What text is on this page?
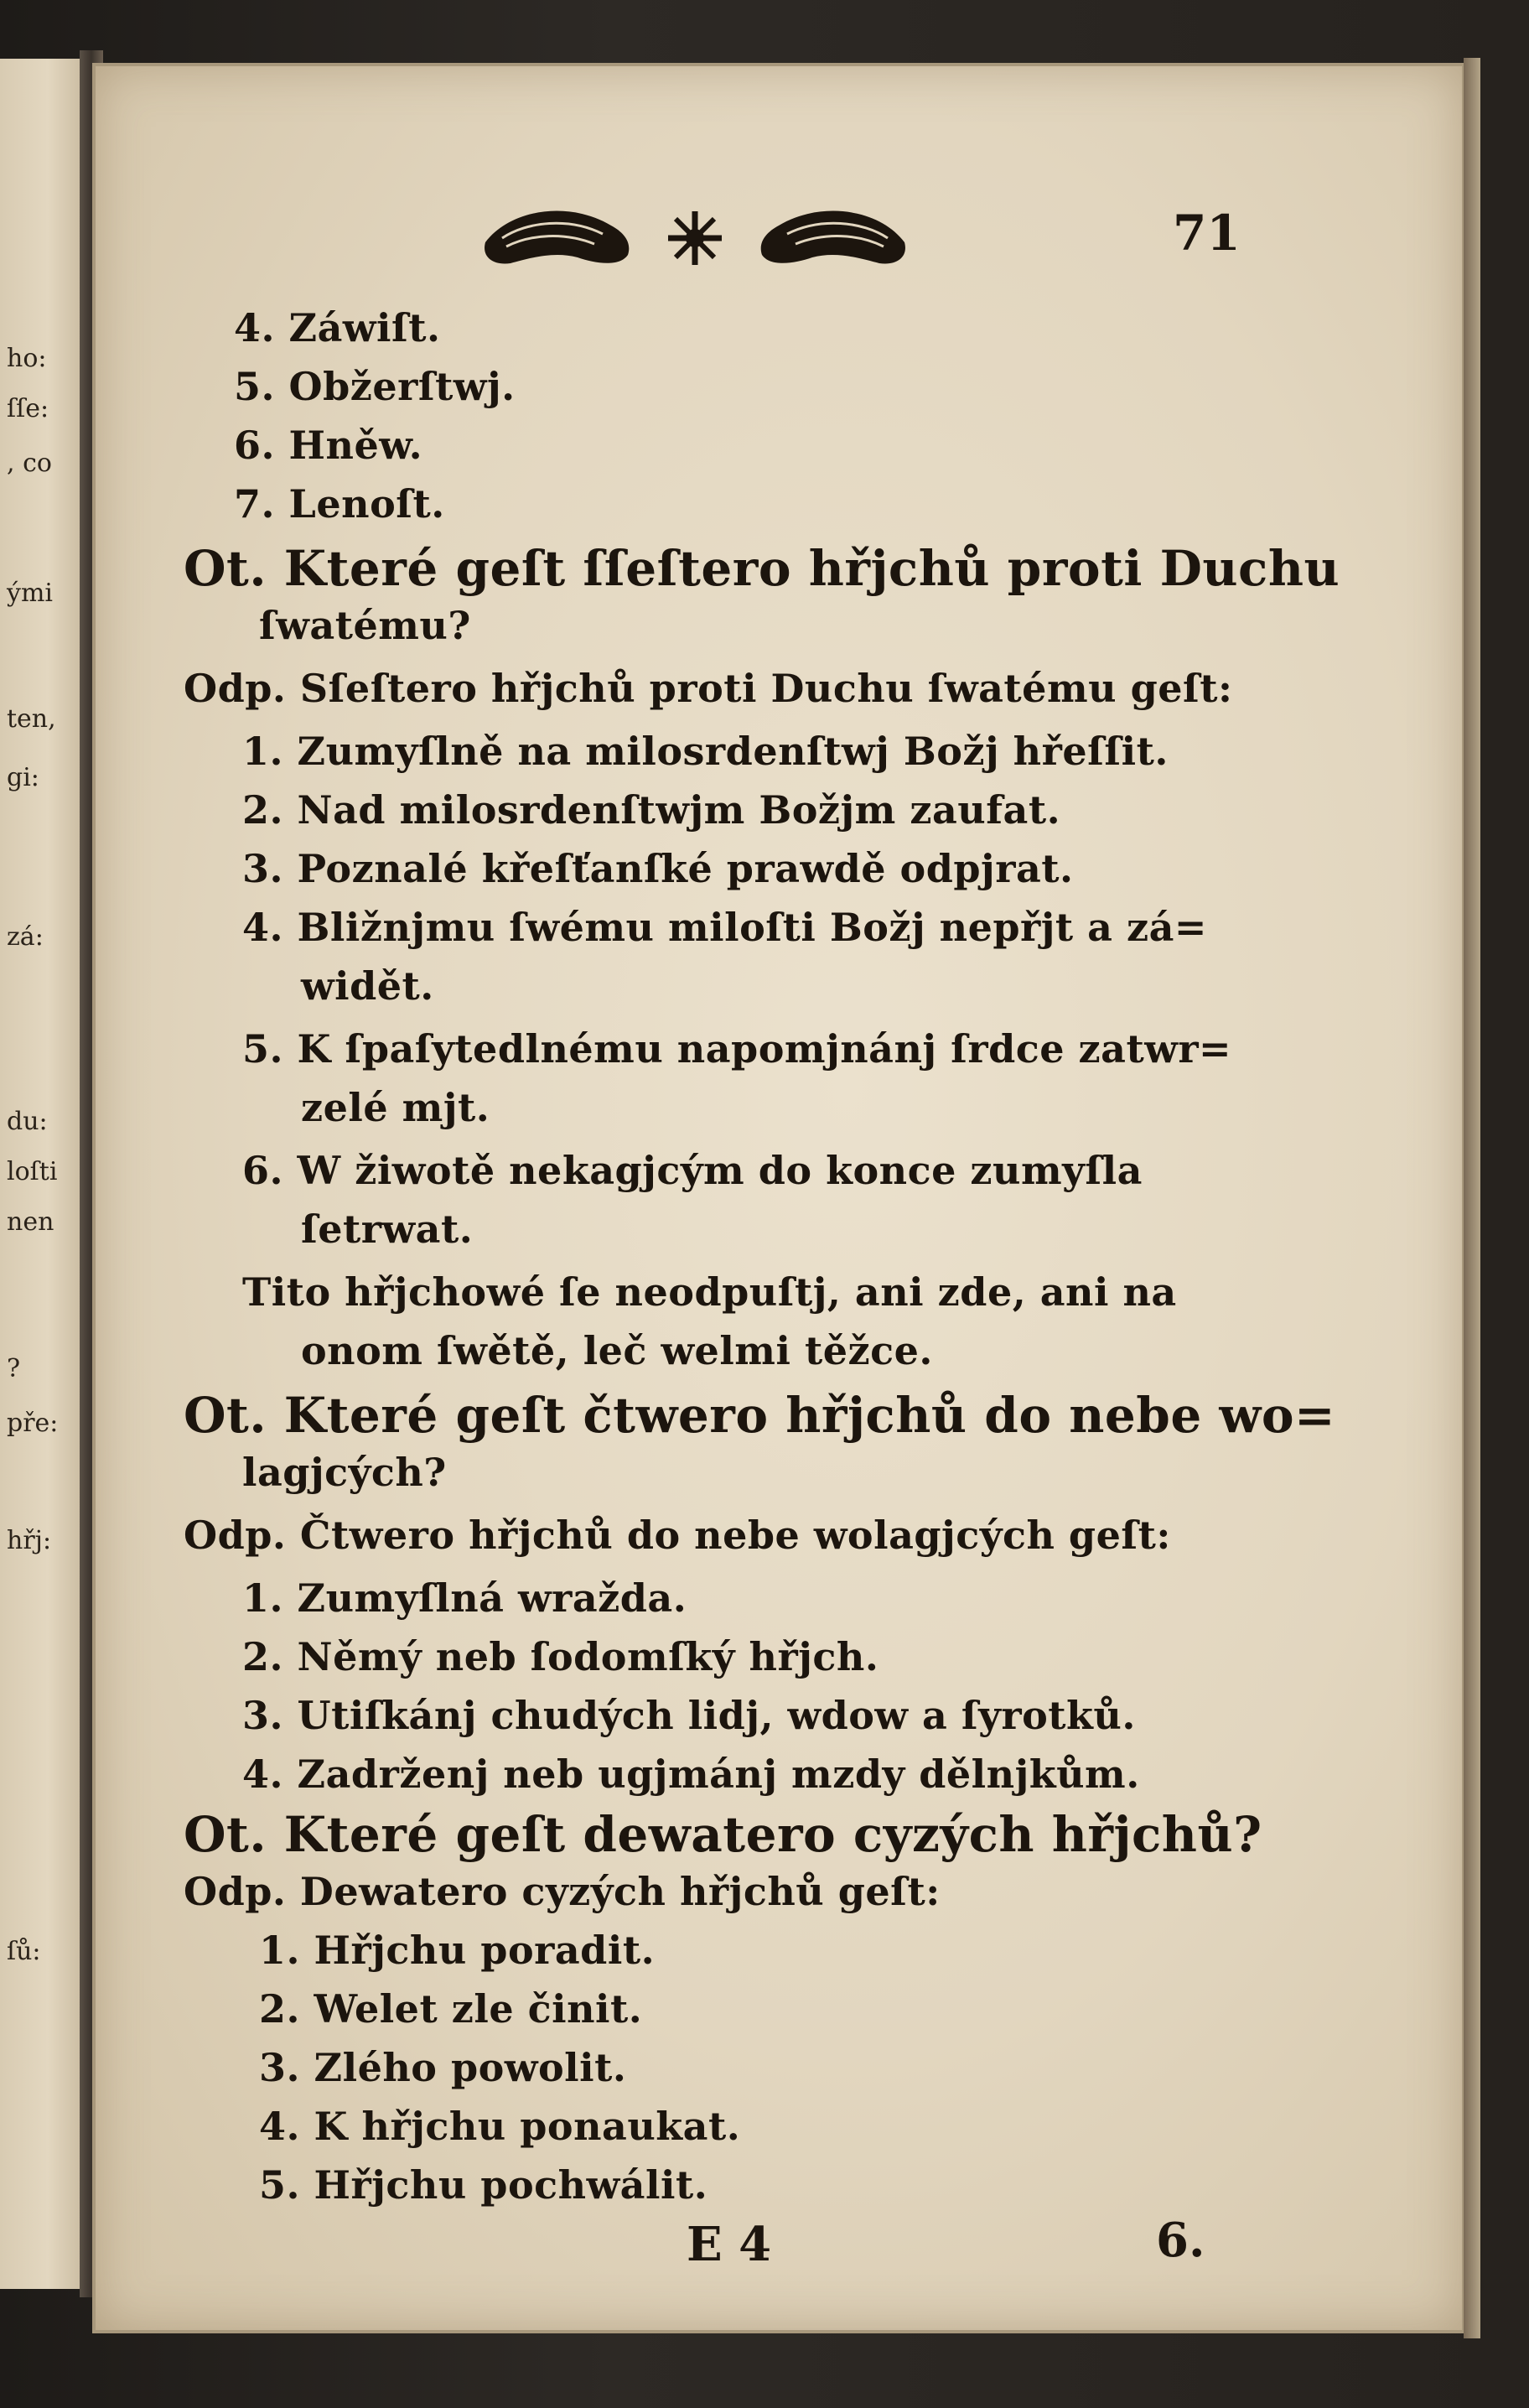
ho:
ſſe:
, co
ými
ten,
gi:
zá:
du:
loſti
nen
?
pře:
hřj:
ſů:
71
4. Záwiſt.
5. Obžerſtwj.
6. Hněw.
7. Lenoſt.
Ot. Které geſt ſſeſtero hřjchů proti Duchu
ſwatému?
Odp. Sſeſtero hřjchů proti Duchu ſwatému geſt:
1. Zumyſlně na milosrdenſtwj Božj hřeſſit.
2. Nad milosrdenſtwjm Božjm zaufat.
3. Poznalé křeſťanſké prawdě odpjrat.
4. Bližnjmu ſwému miloſti Božj nepřjt a zá=
widět.
5. K ſpaſytedlnému napomjnánj ſrdce zatwr=
zelé mjt.
6. W žiwotě nekagjcým do konce zumyſla
ſetrwat.
Tito hřjchowé ſe neodpuſtj, ani zde, ani na
onom ſwětě, leč welmi těžce.
Ot. Které geſt čtwero hřjchů do nebe wo=
lagjcých?
Odp. Čtwero hřjchů do nebe wolagjcých geſt:
1. Zumyſlná wražda.
2. Němý neb ſodomſký hřjch.
3. Utiſkánj chudých lidj, wdow a ſyrotků.
4. Zadrženj neb ugjmánj mzdy dělnjkům.
Ot. Které geſt dewatero cyzých hřjchů?
Odp. Dewatero cyzých hřjchů geſt:
1. Hřjchu poradit.
2. Welet zle činit.
3. Zlého powolit.
4. K hřjchu ponaukat.
5. Hřjchu pochwálit.
E 4	6.
